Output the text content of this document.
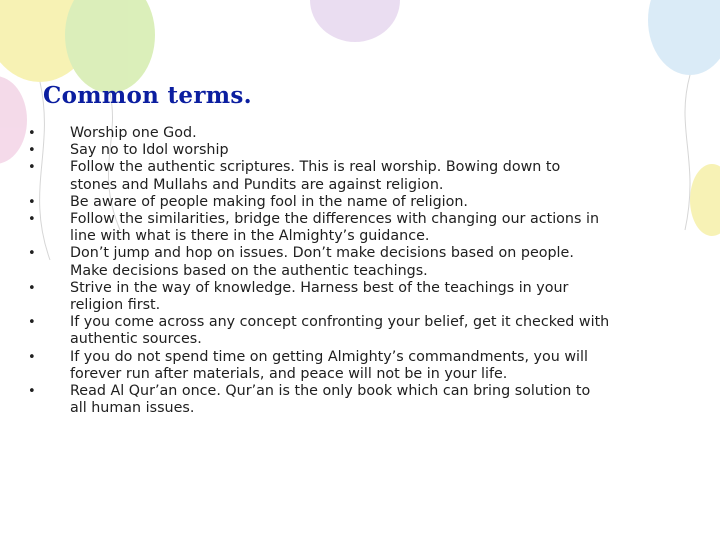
Common terms.
•	Worship one God.
•	Say no to Idol worship
•	Follow the authentic scriptures. This is real worship. Bowing down to
stones and Mullahs and Pundits are against religion.
•	Be aware of people making fool in the name of religion.
•	Follow the similarities, bridge the differences with changing our actions in
line with what is there in the Almighty’s guidance.
•	Don’t jump and hop on issues. Don’t make decisions based on people.
Make decisions based on the authentic teachings.
•	Strive in the way of knowledge. Harness best of the teachings in your
religion first.
•	If you come across any concept confronting your belief, get it checked with
authentic sources.
•	If you do not spend time on getting Almighty’s commandments, you will
forever run after materials, and peace will not be in your life.
•	Read Al Qur’an once. Qur’an is the only book which can bring solution to
all human issues.
